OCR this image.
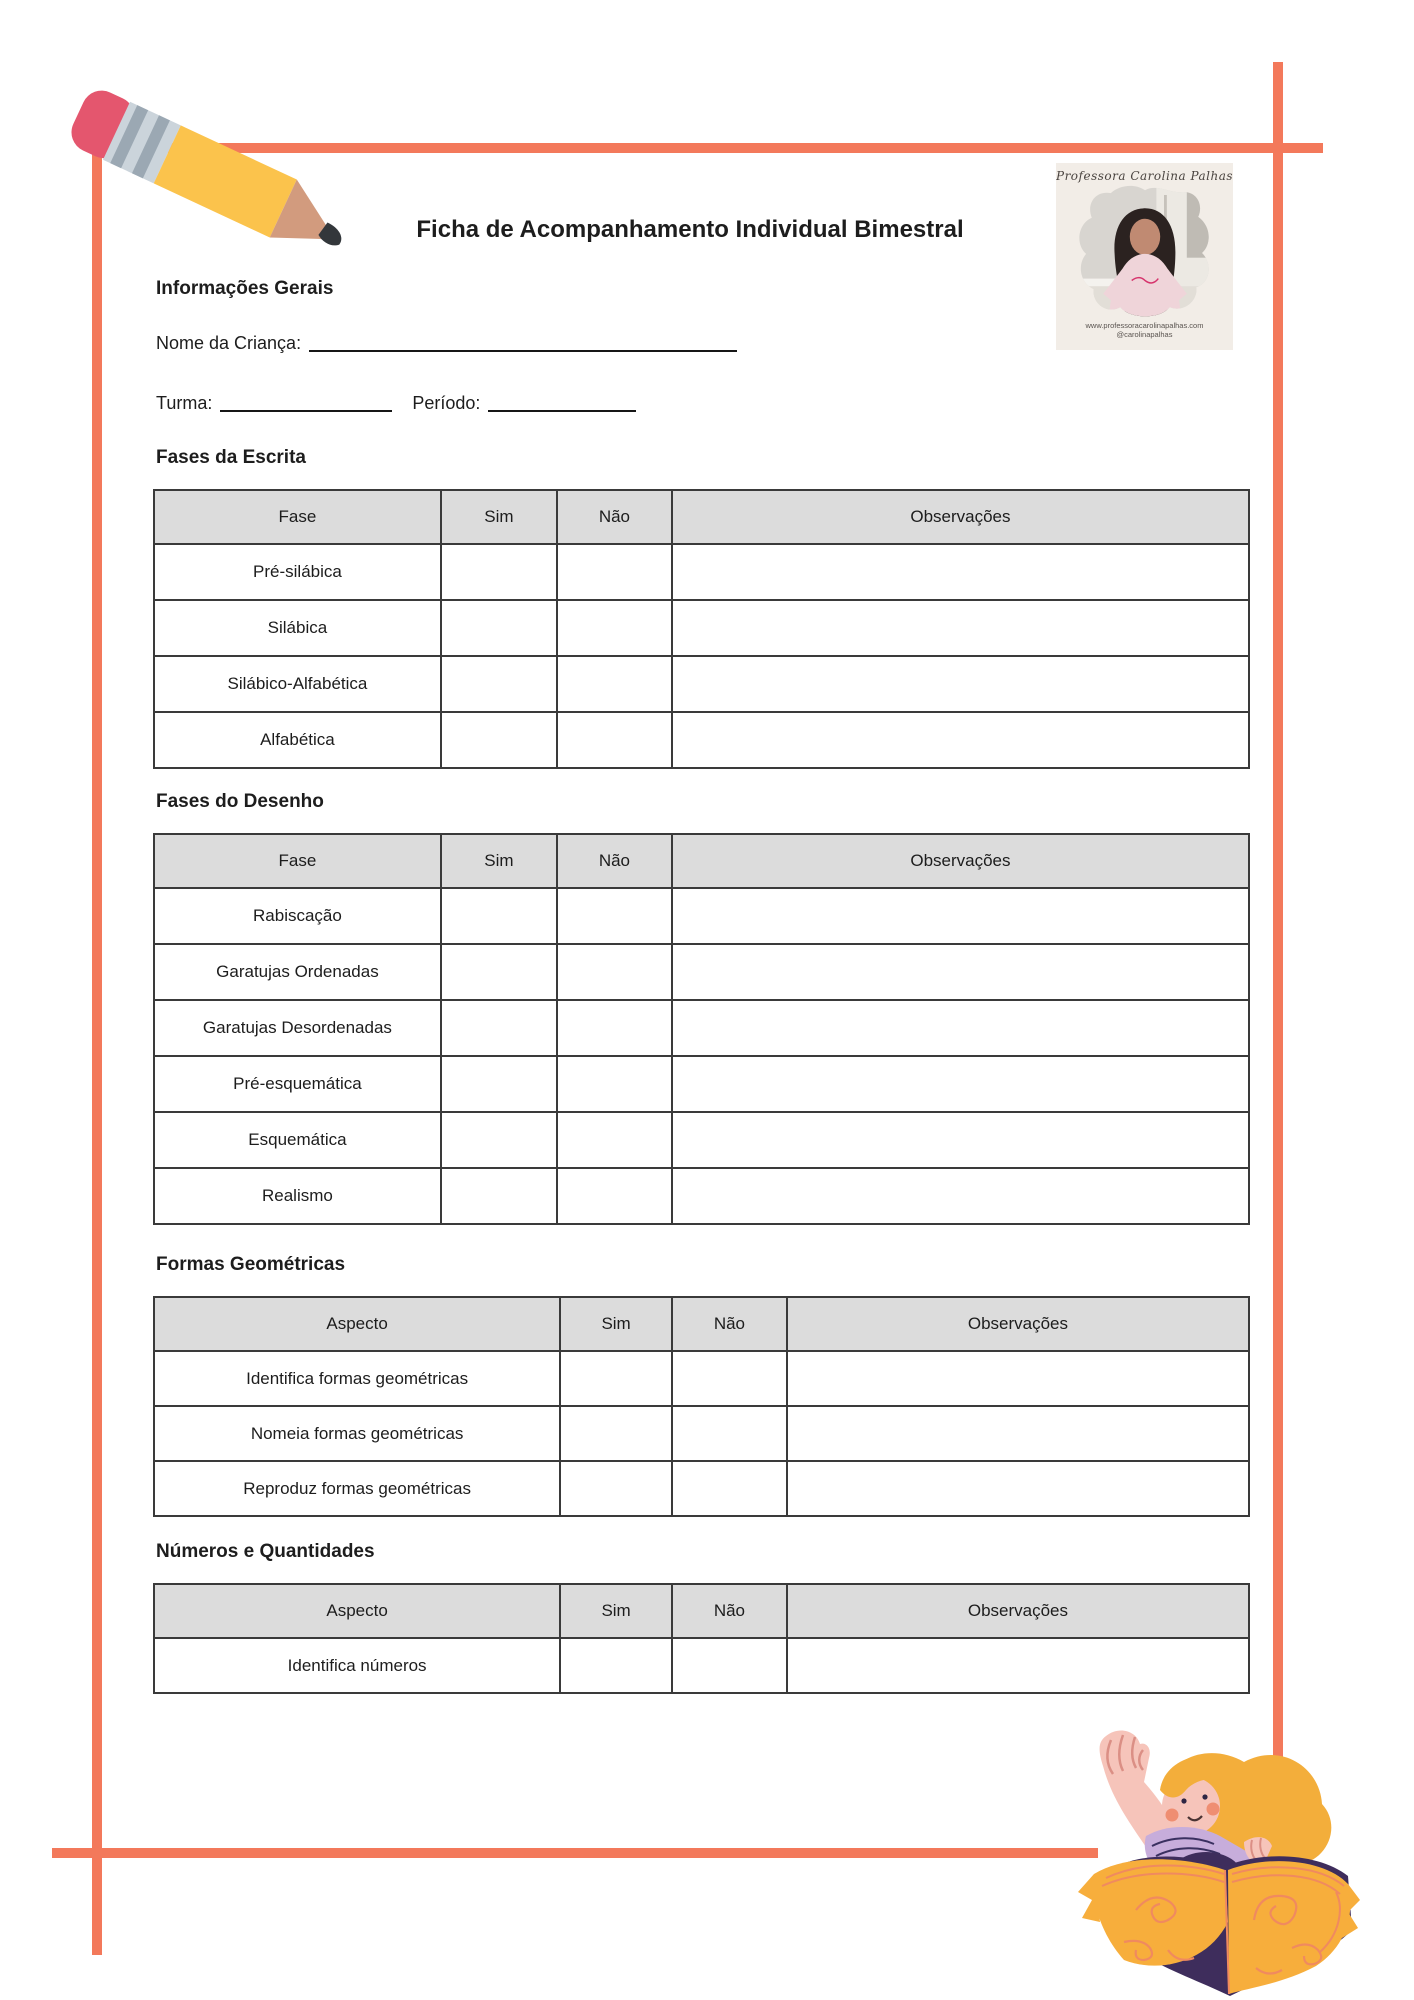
Ficha de Acompanhamento Individual Bimestral
Professora Carolina Palhas
www.professoracarolinapalhas.com
@carolinapalhas
Informações Gerais
Nome da Criança:
Turma:	Período:
Fases da Escrita
Fase	Sim	Não	Observações
Pré-silábica			
Silábica			
Silábico-Alfabética			
Alfabética			
Fases do Desenho
Fase	Sim	Não	Observações
Rabiscação			
Garatujas Ordenadas			
Garatujas Desordenadas			
Pré-esquemática			
Esquemática			
Realismo			
Formas Geométricas
Aspecto	Sim	Não	Observações
Identifica formas geométricas			
Nomeia formas geométricas			
Reproduz formas geométricas			
Números e Quantidades
Aspecto	Sim	Não	Observações
Identifica números			
